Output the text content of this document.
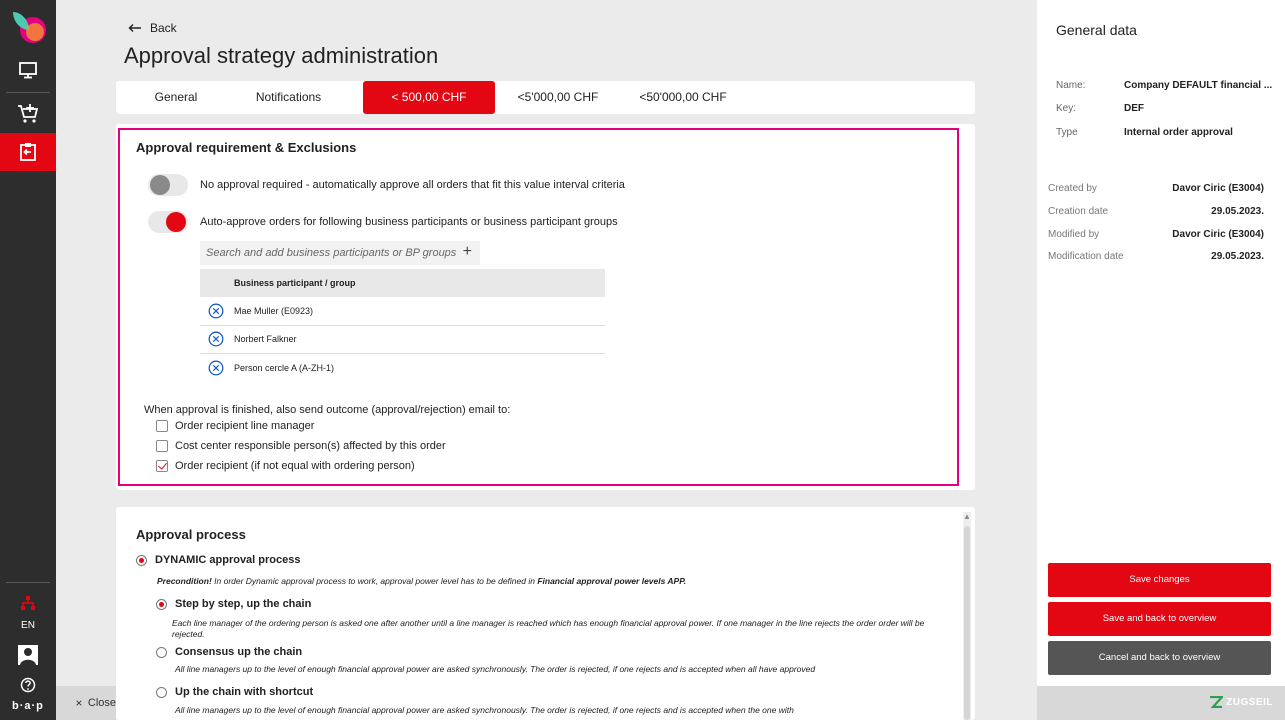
EN
b·a·p
Back
Approval strategy administration
General	Notifications	< 500,00 CHF	<5'000,00 CHF	<50'000,00 CHF
Approval requirement & Exclusions
No approval required - automatically approve all orders that fit this value interval criteria
Auto-approve orders for following business participants or business participant groups
Search and add business participants or BP groups +
Business participant / group
Mae Muller (E0923)
Norbert Falkner
Person cercle A (A-ZH-1)
When approval is finished, also send outcome (approval/rejection) email to:
Order recipient line manager
Cost center responsible person(s) affected by this order
Order recipient (if not equal with ordering person)
▲
Approval process
DYNAMIC approval process
Precondition! In order Dynamic approval process to work, approval power level has to be defined in Financial approval power levels APP.
Step by step, up the chain
Each line manager of the ordering person is asked one after another until a line manager is reached which has enough financial approval power. If one manager in the line rejects the order order will be rejected.
Consensus up the chain
All line managers up to the level of enough financial approval power are asked synchronously. The order is rejected, if one rejects and is accepted when all have approved
Up the chain with shortcut
All line managers up to the level of enough financial approval power are asked synchronously. The order is rejected, if one rejects and is accepted when the one with
Close
General data
Name:	Company DEFAULT financial ...
Key:	DEF
Type	Internal order approval
Created by	Davor Ciric (E3004)
Creation date	29.05.2023.
Modified by	Davor Ciric (E3004)
Modification date	29.05.2023.
Save changes
Save and back to overview
Cancel and back to overview
ZUGSEIL
